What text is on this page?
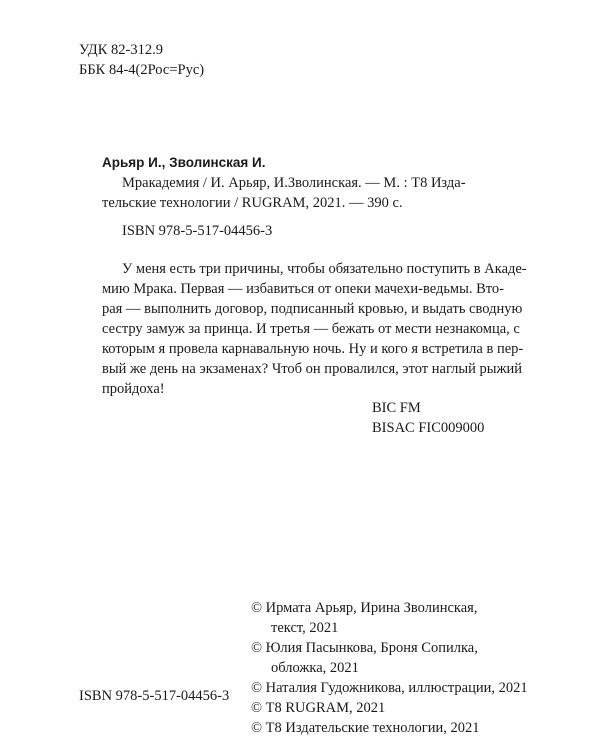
УДК 82-312.9
ББК 84-4(2Рос=Рус)
Арьяр И., Зволинская И.
Мракадемия / И. Арьяр, И.Зволинская. — М. : Т8 Изда-
тельские технологии / RUGRAM, 2021. — 390 с.
ISBN 978-5-517-04456-3
У меня есть три причины, чтобы обязательно поступить в Акаде-
мию Мрака. Первая — избавиться от опеки мачехи-ведьмы. Вто-
рая — выполнить договор, подписанный кровью, и выдать сводную
сестру замуж за принца. И третья — бежать от мести незнакомца, с
которым я провела карнавальную ночь. Ну и кого я встретила в пер-
вый же день на экзаменах? Чтоб он провалился, этот наглый рыжий
пройдоха!
BIC FM
BISAC FIC009000
© Ирмата Арьяр, Ирина Зволинская,
текст, 2021
© Юлия Пасынкова, Броня Сопилка,
обложка, 2021
© Наталия Гудожникова, иллюстрации, 2021
© Т8 RUGRAM, 2021
© Т8 Издательские технологии, 2021
ISBN 978-5-517-04456-3
